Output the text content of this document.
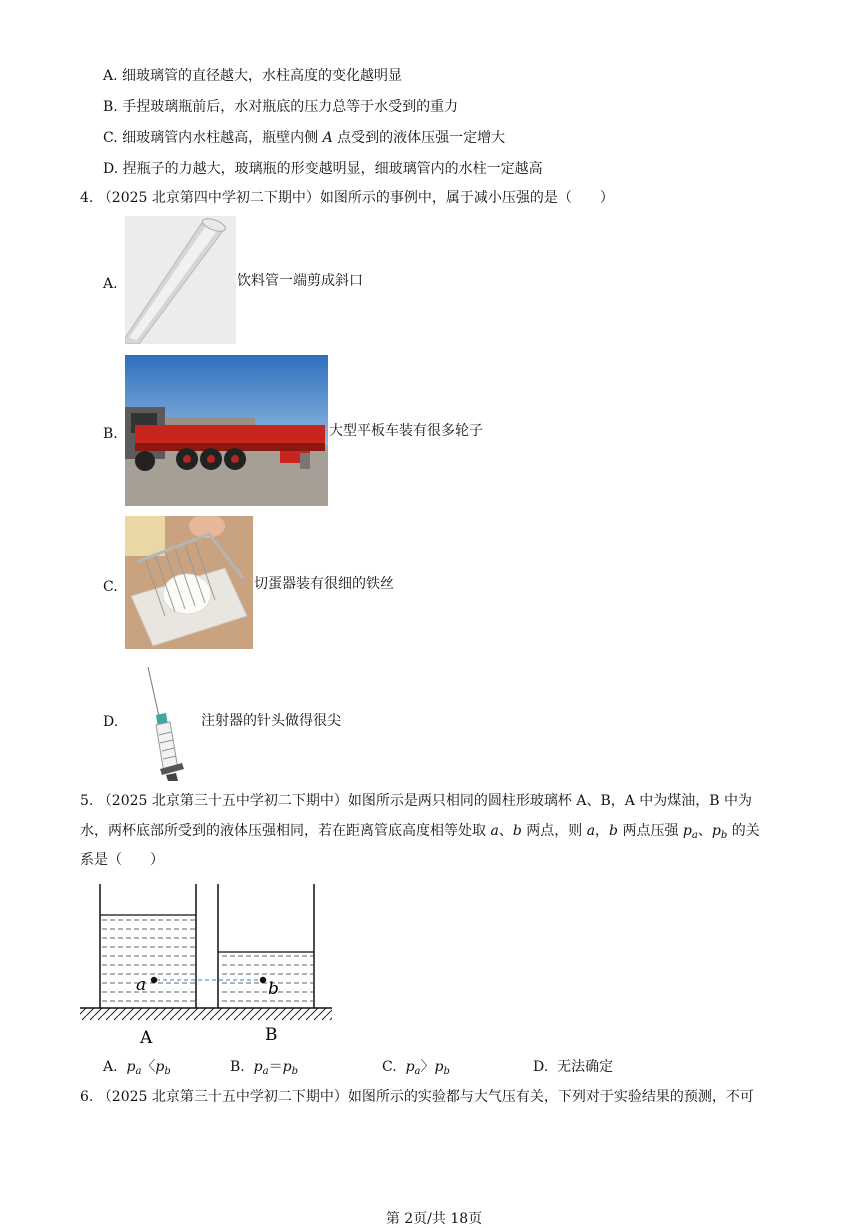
A. 细玻璃管的直径越大，水柱高度的变化越明显
B. 手捏玻璃瓶前后，水对瓶底的压力总等于水受到的重力
C. 细玻璃管内水柱越高，瓶壁内侧 A 点受到的液体压强一定增大
D. 捏瓶子的力越大，玻璃瓶的形变越明显，细玻璃管内的水柱一定越高
4. （2025 北京第四中学初二下期中）如图所示的事例中，属于减小压强的是（　　）
A.	饮料管一端剪成斜口
B.	大型平板车装有很多轮子
C.	切蛋器装有很细的铁丝
D.	注射器的针头做得很尖
5. （2025 北京第三十五中学初二下期中）如图所示是两只相同的圆柱形玻璃杯 A、B，A 中为煤油，B 中为
水，两杯底部所受到的液体压强相同，若在距离管底高度相等处取 a、b 两点，则 a，b 两点压强 $p_a$、$p_b$ 的关
系是（　　）
a	b
A	B
A. $p_a$〈$p_b$	B. $p_a=p_b$	C. $p_a$〉$p_b$	D. 无法确定
6. （2025 北京第三十五中学初二下期中）如图所示的实验都与大气压有关，下列对于实验结果的预测，不可
第 2页/共 18页
